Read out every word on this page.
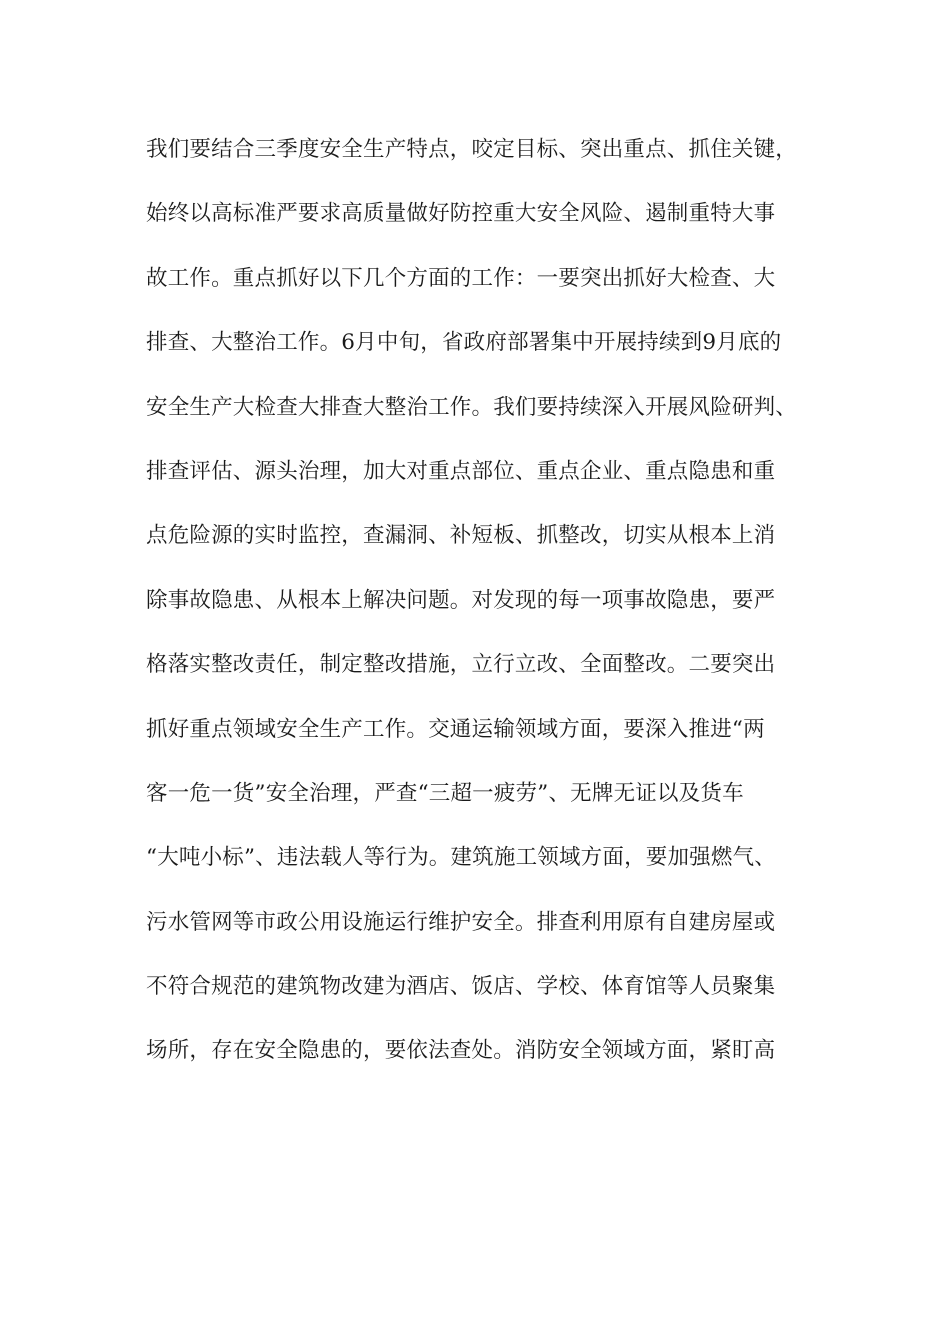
我们要结合三季度安全生产特点，咬定目标、突出重点、抓住关键，
始终以高标准严要求高质量做好防控重大安全风险、遏制重特大事
故工作。重点抓好以下几个方面的工作：一要突出抓好大检查、大
排查、大整治工作。6月中旬，省政府部署集中开展持续到9月底的
安全生产大检查大排查大整治工作。我们要持续深入开展风险研判、
排查评估、源头治理，加大对重点部位、重点企业、重点隐患和重
点危险源的实时监控，查漏洞、补短板、抓整改，切实从根本上消
除事故隐患、从根本上解决问题。对发现的每一项事故隐患，要严
格落实整改责任，制定整改措施，立行立改、全面整改。二要突出
抓好重点领域安全生产工作。交通运输领域方面，要深入推进“两
客一危一货”安全治理，严查“三超一疲劳”、无牌无证以及货车
“大吨小标”、违法载人等行为。建筑施工领域方面，要加强燃气、
污水管网等市政公用设施运行维护安全。排查利用原有自建房屋或
不符合规范的建筑物改建为酒店、饭店、学校、体育馆等人员聚集
场所，存在安全隐患的，要依法查处。消防安全领域方面，紧盯高
